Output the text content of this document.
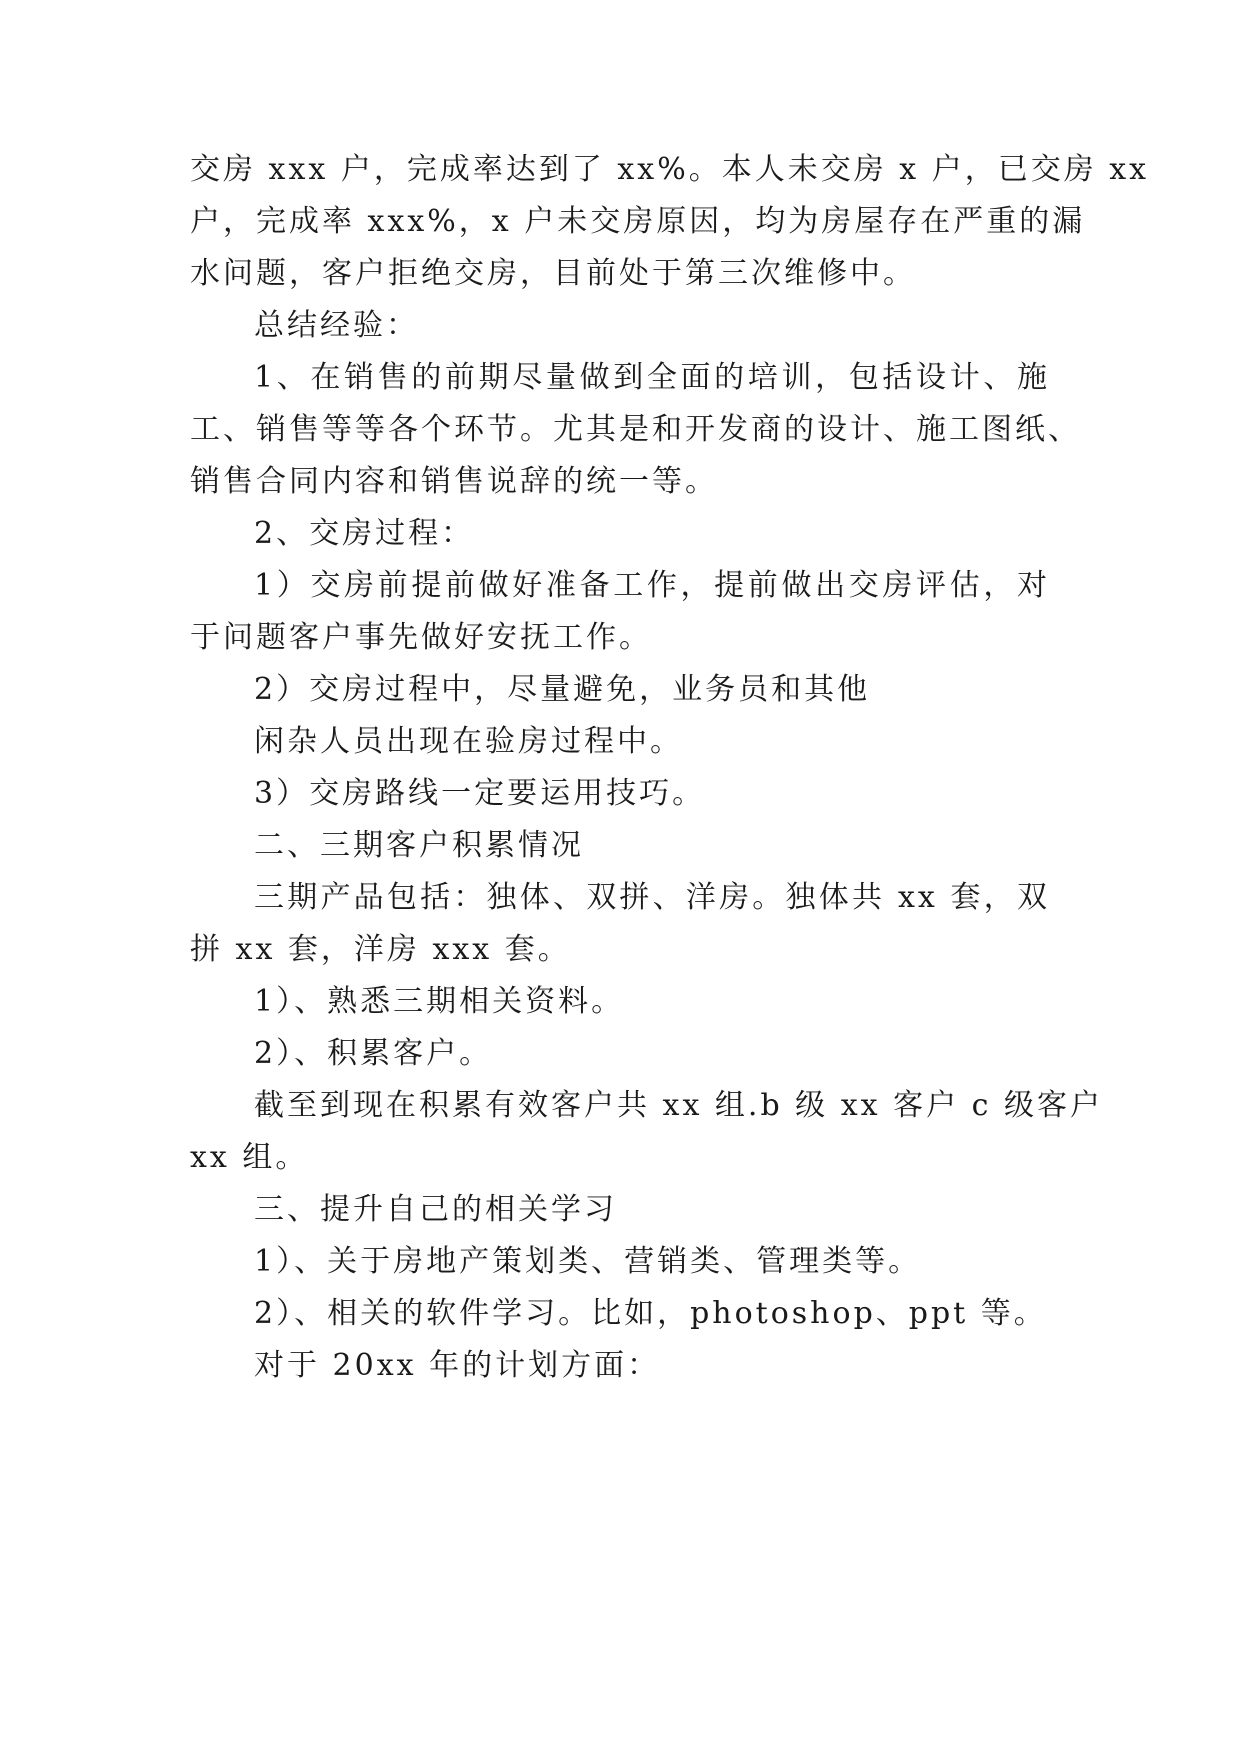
交房 xxx 户，完成率达到了 xx%。本人未交房 x 户，已交房 xx

户，完成率 xxx%，x 户未交房原因，均为房屋存在严重的漏

水问题，客户拒绝交房，目前处于第三次维修中。

总结经验：

1、在销售的前期尽量做到全面的培训，包括设计、施

工、销售等等各个环节。尤其是和开发商的设计、施工图纸、

销售合同内容和销售说辞的统一等。

2、交房过程：

1）交房前提前做好准备工作，提前做出交房评估，对

于问题客户事先做好安抚工作。

2）交房过程中，尽量避免，业务员和其他

闲杂人员出现在验房过程中。

3）交房路线一定要运用技巧。

二、三期客户积累情况

三期产品包括：独体、双拼、洋房。独体共 xx 套，双

拼 xx 套，洋房 xxx 套。

1）、熟悉三期相关资料。

2）、积累客户。

截至到现在积累有效客户共 xx 组.b 级 xx 客户 c 级客户

xx 组。

三、提升自己的相关学习

1）、关于房地产策划类、营销类、管理类等。

2）、相关的软件学习。比如，photoshop、ppt 等。

对于 20xx 年的计划方面：
